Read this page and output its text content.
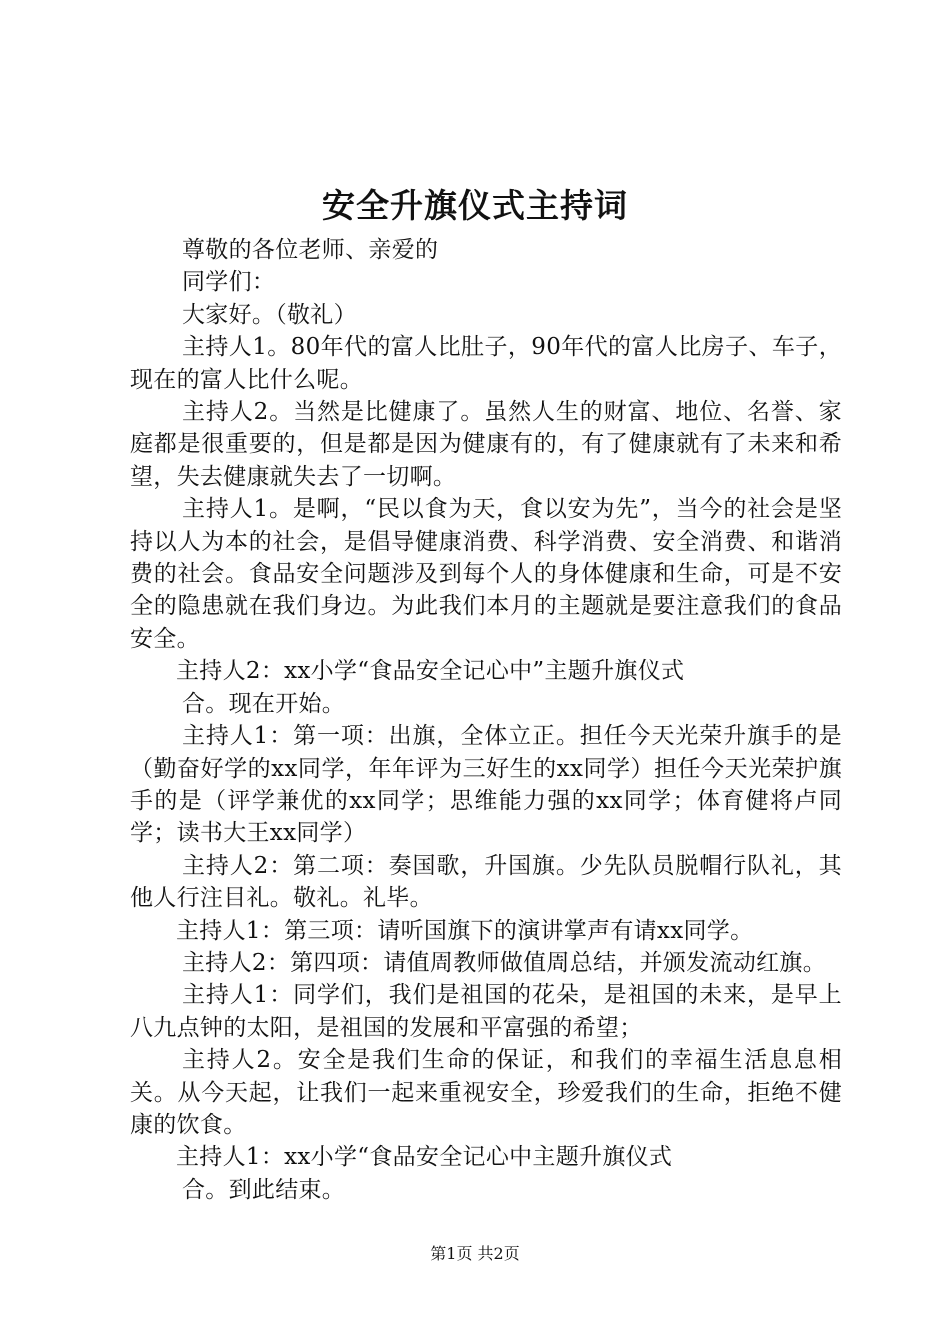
安全升旗仪式主持词

尊敬的各位老师、亲爱的

同学们：

大家好。（敬礼）

主持人1。80年代的富人比肚子，90年代的富人比房子、车子，现在的富人比什么呢。

主持人2。当然是比健康了。虽然人生的财富、地位、名誉、家庭都是很重要的，但是都是因为健康有的，有了健康就有了未来和希望，失去健康就失去了一切啊。

主持人1。是啊，“民以食为天，食以安为先”，当今的社会是坚持以人为本的社会，是倡导健康消费、科学消费、安全消费、和谐消费的社会。食品安全问题涉及到每个人的身体健康和生命，可是不安全的隐患就在我们身边。为此我们本月的主题就是要注意我们的食品安全。

主持人2：xx小学“食品安全记心中”主题升旗仪式

合。现在开始。

主持人1：第一项：出旗，全体立正。担任今天光荣升旗手的是（勤奋好学的xx同学，年年评为三好生的xx同学）担任今天光荣护旗手的是（评学兼优的xx同学；思维能力强的xx同学；体育健将卢同学；读书大王xx同学）

主持人2：第二项：奏国歌，升国旗。少先队员脱帽行队礼，其他人行注目礼。敬礼。礼毕。

主持人1：第三项：请听国旗下的演讲掌声有请xx同学。

主持人2：第四项：请值周教师做值周总结，并颁发流动红旗。

主持人1：同学们，我们是祖国的花朵，是祖国的未来，是早上八九点钟的太阳，是祖国的发展和平富强的希望；

主持人2。安全是我们生命的保证，和我们的幸福生活息息相关。从今天起，让我们一起来重视安全，珍爱我们的生命，拒绝不健康的饮食。

主持人1：xx小学“食品安全记心中主题升旗仪式

合。到此结束。

第1页 共2页
